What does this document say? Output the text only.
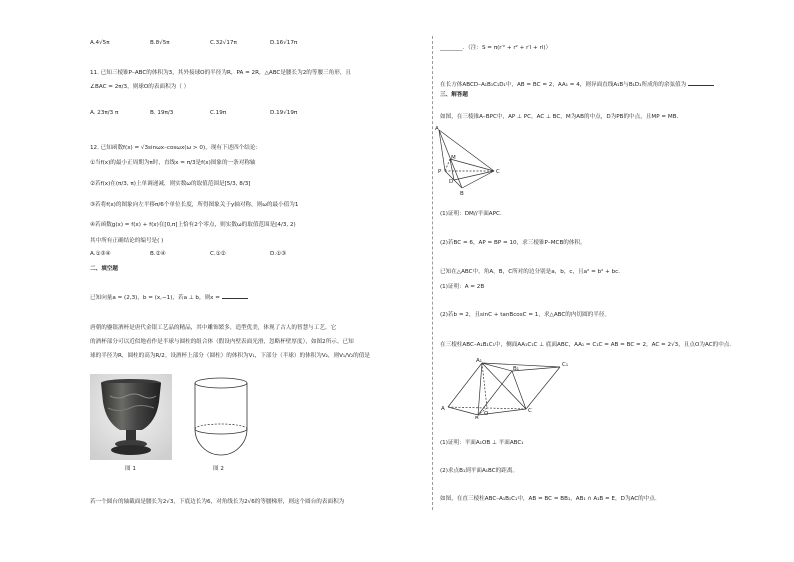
A.4√5π	B.8√5π	C.32√17π	D.16√17π
11. 已知三棱锥P–ABC的体积为3，其外接球O的半径为R，PA = 2R，△ABC是腰长为2的等腰三角形，且
∠BAC = 2π/3，则球O的表面积为（ ）
A. 23π/3 π	B. 19π/3	C.19π	D.19√19π
12. 已知函数f(x) = √3sinωx–cosωx(ω > 0)，现有下述四个结论：
①当f(x)的最小正周期为π时，直线x = π/3是f(x)图象的一条对称轴
②若f(x)在(π/3, π)上单调递减，则实数ω的取值范围是[5/3, 8/3]
③若将f(x)的图象向左平移π/6个单位长度，所得图象关于y轴对称，则ω的最小值为1
④若函数g(x) = f(x) + f(x)在[0,π]上恰有2个零点，则实数ω的取值范围是[4/3, 2)
其中所有正确结论的编号是( )
A.①③④	B.②④	C.①②	D.①③
二、填空题
已知向量a = (2,3)，b = (x,−1)，若a ⊥ b，则x =
唐朝的鎏银酒杯是唐代金银工艺品的精品，其中雕饰繁多，造型优美，体现了古人的智慧与工艺。它
的酒杯部分可以近似地看作是半球与圆柱的组合体（假设内壁表面光滑，忽略杯壁厚度），如图2所示。已知
球的半径为R，圆柱的高为R/2。设酒杯上部分（圆柱）的体积为V₁，下部分（半球）的体积为V₂，则V₁/V₂的值是
图 1	图 2
若一个圆台的轴截面是腰长为2√3，下底边长为6，对角线长为2√6的等腰梯形，则这个圆台的表面积为
________．（注：S = π(r′² + r² + r′l + rl)）
在长方体ABCD–A₁B₁C₁D₁中，AB = BC = 2，AA₁ = 4，则异面直线A₁B与B₁D₁所成角的余弦值为
三、解答题
如图，在三棱锥A–BPC中，AP ⊥ PC，AC ⊥ BC，M为AB的中点，D为PB的中点，且MP = MB.
A
M
P
D
C
B
(1)证明：DM//平面APC.
(2)若BC = 6，AP = BP = 10，求三棱锥P–MCB的体积。
已知在△ABC中，角A，B，C所对的边分别是a，b，c，且a² = b² + bc.
(1)证明：A = 2B
(2)若b = 2，且sinC + tanBcosC = 1，求△ABC的内切圆的半径。
在三棱柱ABC–A₁B₁C₁中，侧面AA₁C₁C ⊥ 底面ABC，AA₁ = C₁C = AB = BC = 2，AC = 2√3，且点O为AC的中点.
A₁
B₁
C₁
A
O
B
C
(1)证明：平面A₁OB ⊥ 平面ABC₁
(2)求点B₁到平面A₁BC的距离。
如图，在直三棱柱ABC–A₁B₁C₁中，AB = BC = BB₁，AB₁ ∩ A₁B = E，D为AC的中点.
